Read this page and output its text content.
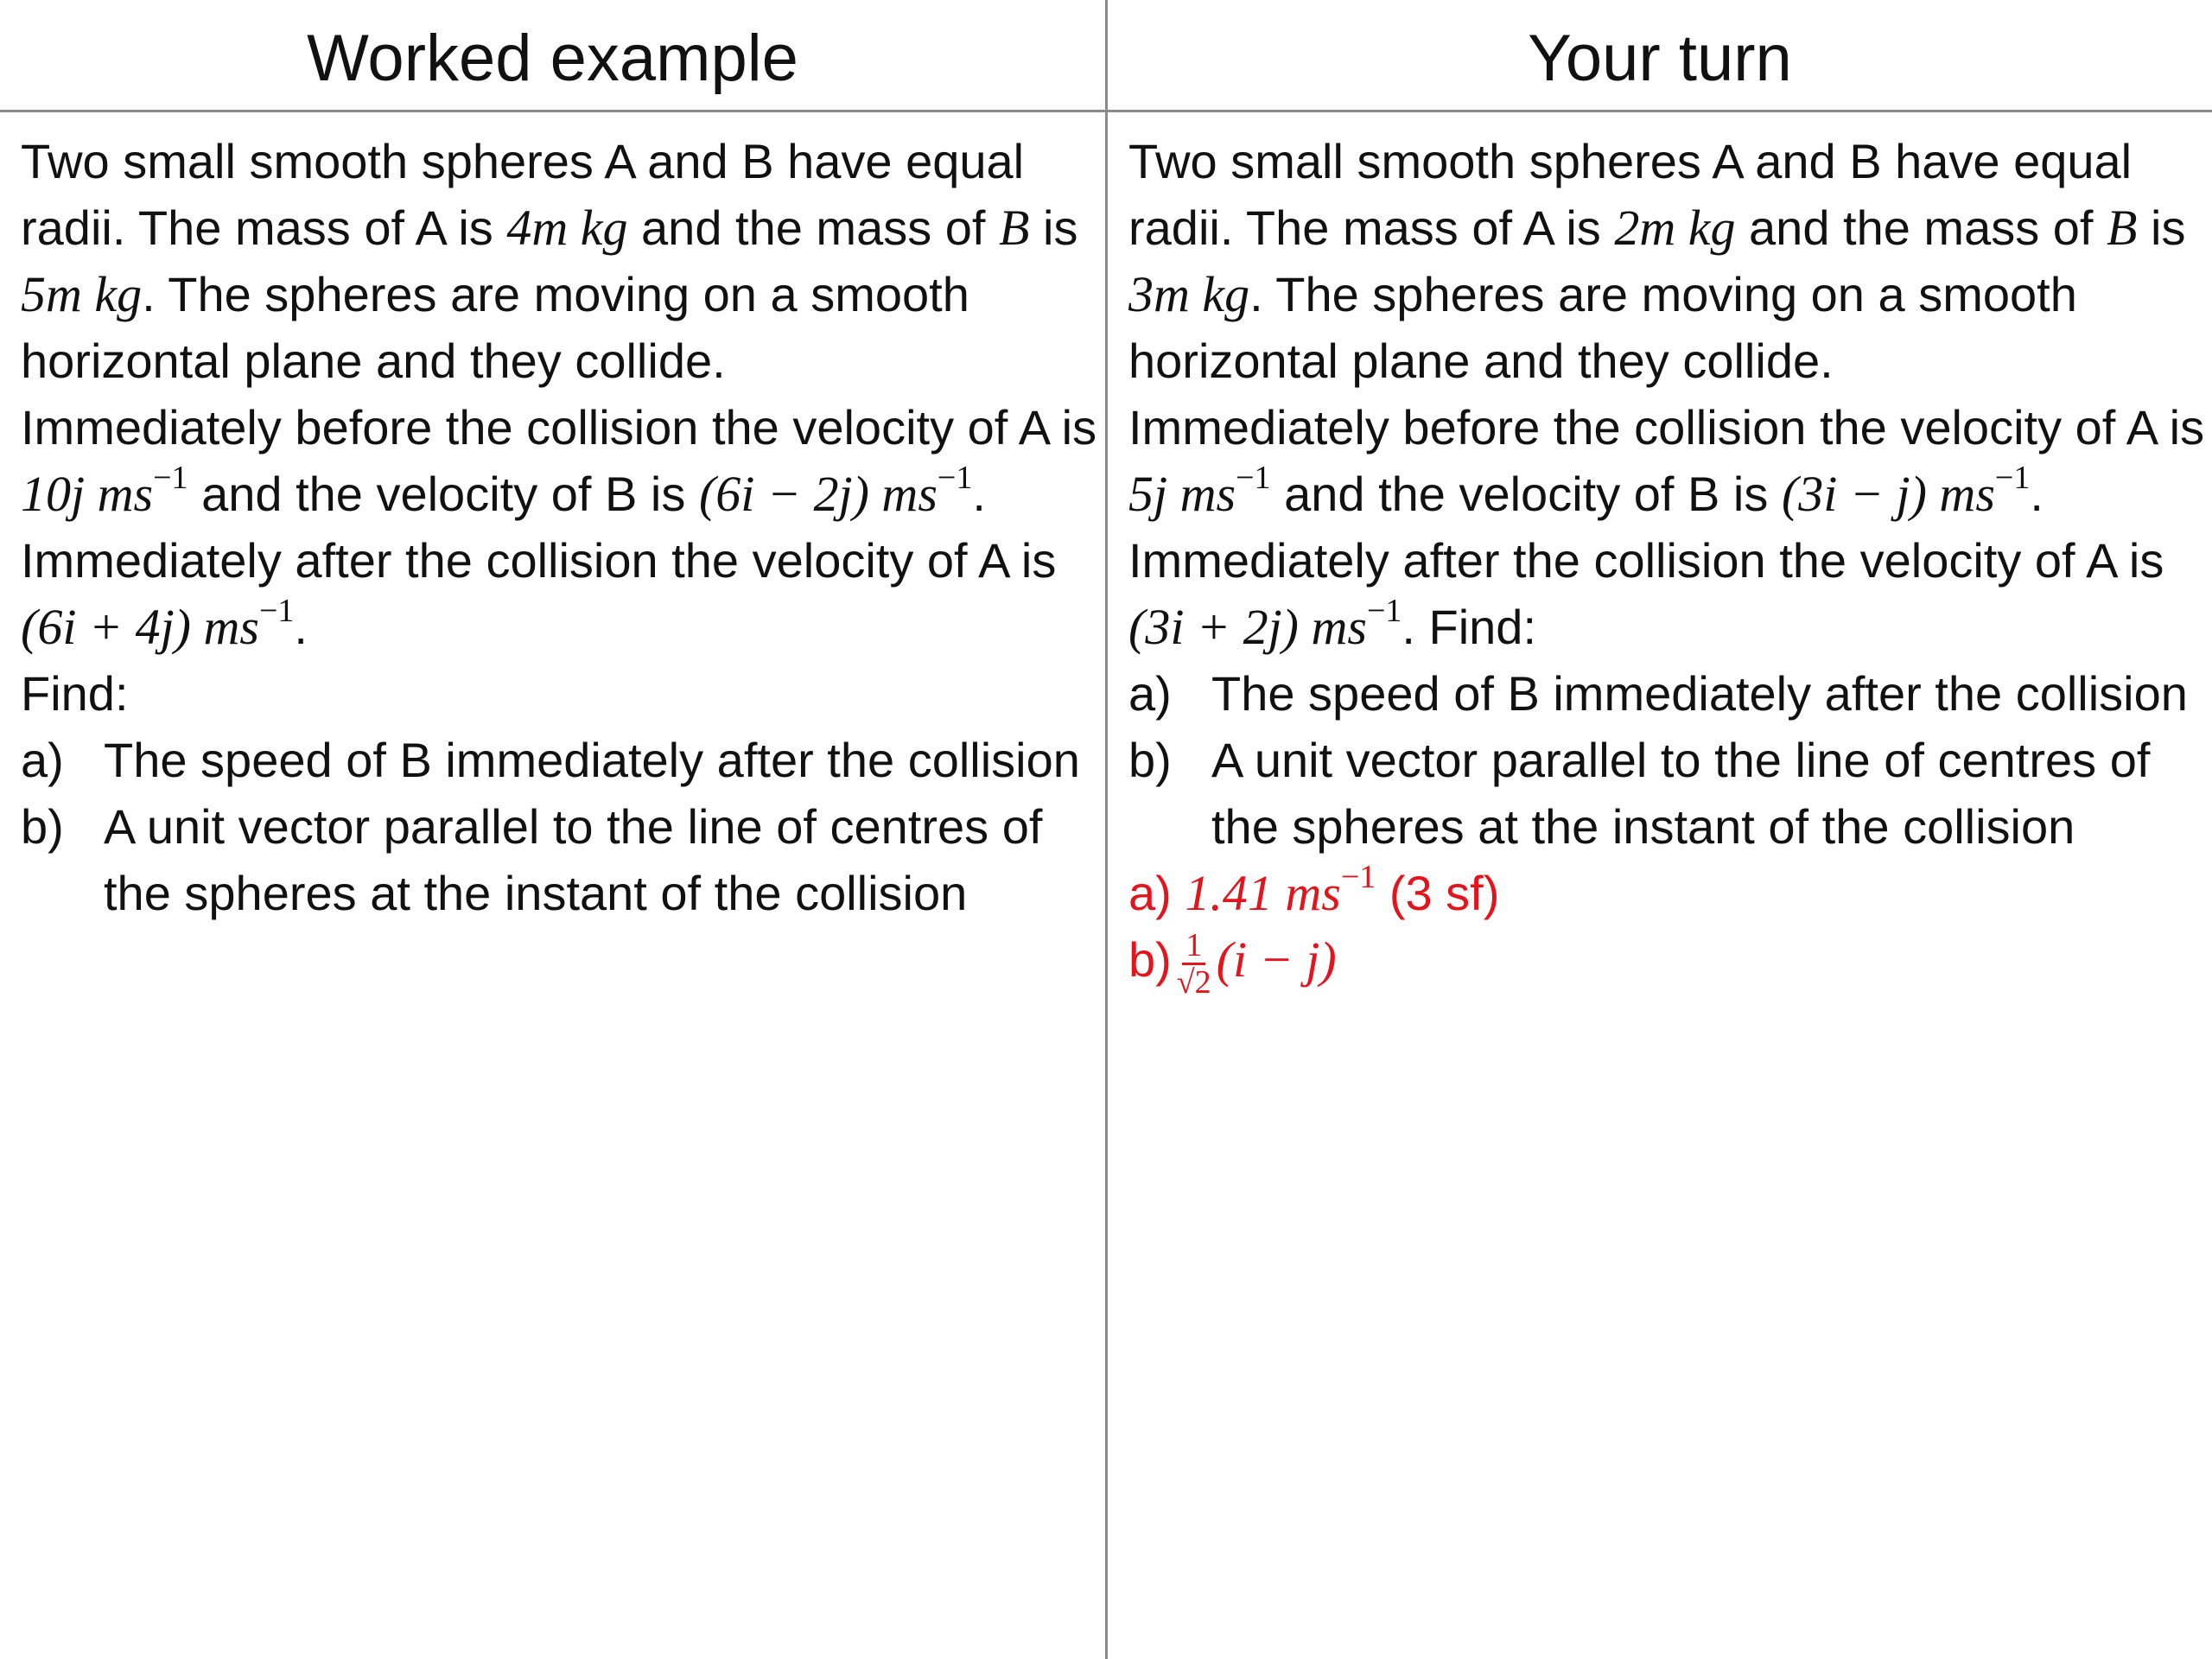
Worked example	Your turn

Two small smooth spheres A and B have equal radii. The mass of A is 4m kg and the mass of B is 5m kg. The spheres are moving on a smooth horizontal plane and they collide.

Immediately before the collision the velocity of A is 10j $ms^{-1}$ and the velocity of B is (6i − 2j) $ms^{-1}$. Immediately after the collision the velocity of A is (6i + 4j) $ms^{-1}$.

Find:

a) The speed of B immediately after the collision
b) A unit vector parallel to the line of centres of the spheres at the instant of the collision

Two small smooth spheres A and B have equal radii. The mass of A is 2m kg and the mass of B is 3m kg. The spheres are moving on a smooth horizontal plane and they collide.

Immediately before the collision the velocity of A is 5j $ms^{-1}$ and the velocity of B is (3i − j) $ms^{-1}$. Immediately after the collision the velocity of A is (3i + 2j) $ms^{-1}$. Find:

a) The speed of B immediately after the collision
b) A unit vector parallel to the line of centres of the spheres at the instant of the collision

a) 1.41 $ms^{-1}$ (3 sf)

$b) \frac{1}{√2} (i - j)$
